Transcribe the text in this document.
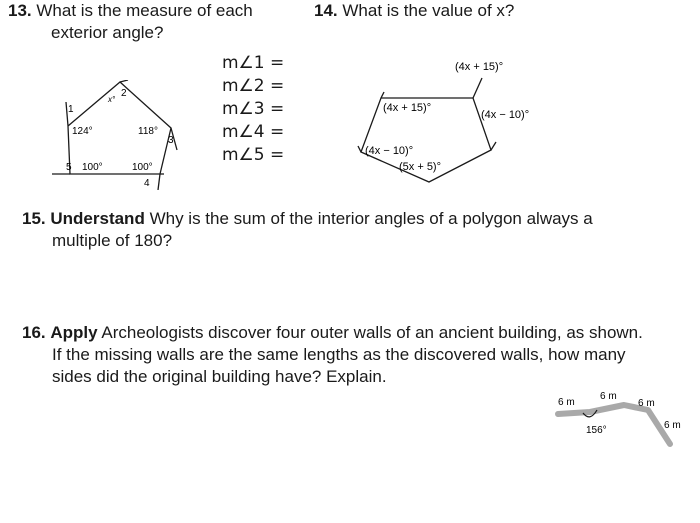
13. What is the measure of each
exterior angle?
m∠1 =
m∠2 =
m∠3 =
m∠4 =
m∠5 =
1
2
3
4
5
x°
124°	118°
100°	100°
14. What is the value of x?
(4x + 15)°
(4x + 15)°
(4x − 10)°
(4x − 10)°
(5x + 5)°
15. Understand Why is the sum of the interior angles of a polygon always a
multiple of 180?
16. Apply Archeologists discover four outer walls of an ancient building, as shown.
If the missing walls are the same lengths as the discovered walls, how many
sides did the original building have? Explain.
6 m
6 m
6 m
6 m
156°
